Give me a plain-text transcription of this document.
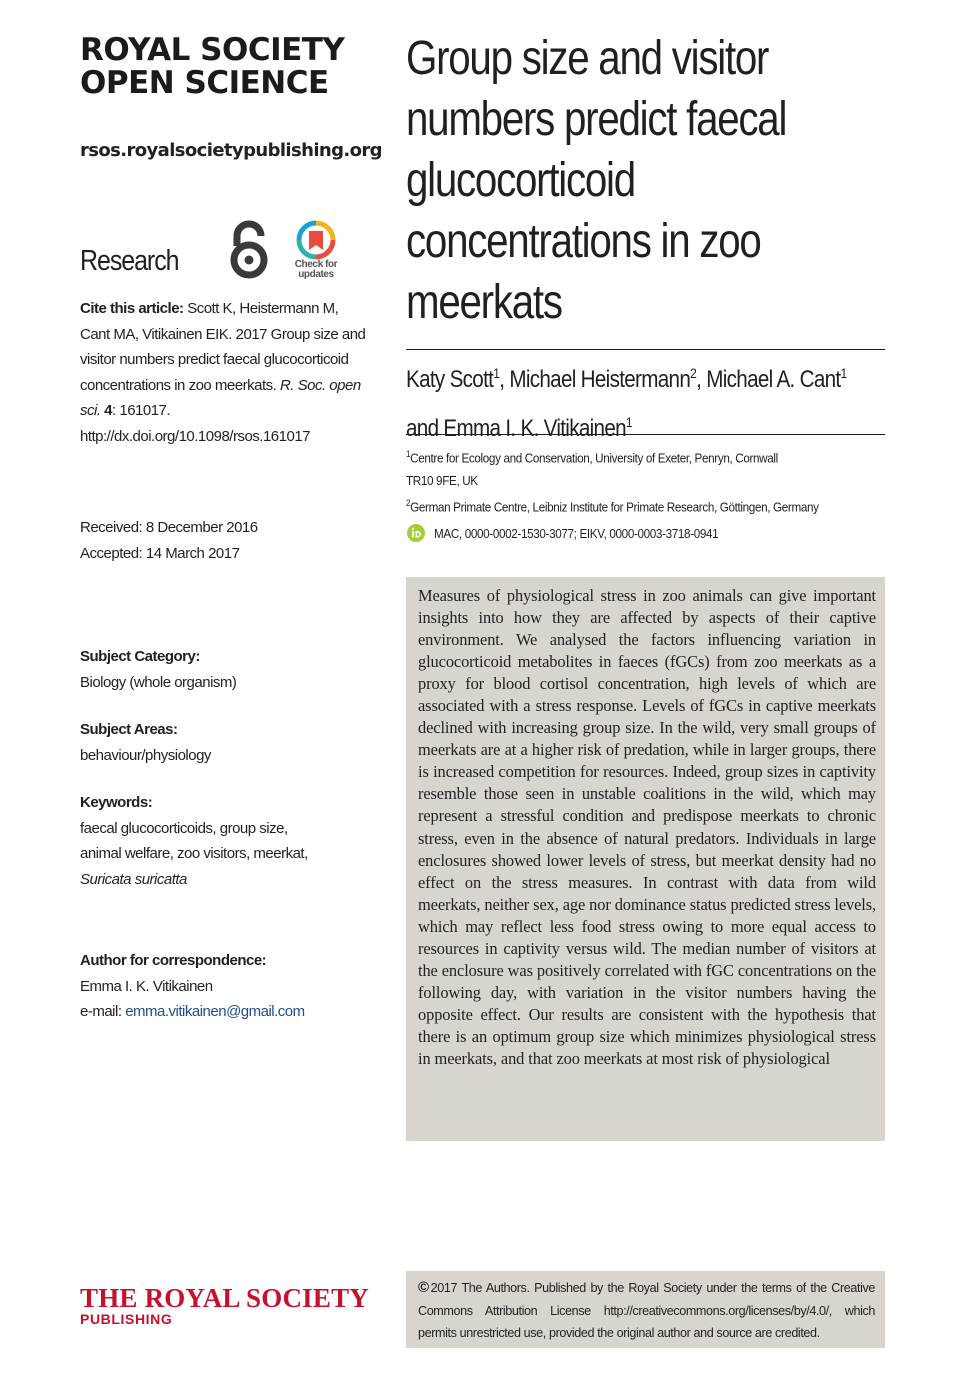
ROYAL SOCIETY
OPEN SCIENCE
rsos.royalsocietypublishing.org
Research	Check for updates
Cite this article: Scott K, Heistermann M, Cant MA, Vitikainen EIK. 2017 Group size and visitor numbers predict faecal glucocorticoid concentrations in zoo meerkats. R. Soc. open sci. 4: 161017.
http://dx.doi.org/10.1098/rsos.161017
Received: 8 December 2016
Accepted: 14 March 2017
Subject Category:
Biology (whole organism)
Subject Areas:
behaviour/physiology
Keywords:
faecal glucocorticoids, group size,
animal welfare, zoo visitors, meerkat,
Suricata suricatta
Author for correspondence:
Emma I. K. Vitikainen
e-mail: emma.vitikainen@gmail.com
THE ROYAL SOCIETY
PUBLISHING
Group size and visitor
numbers predict faecal
glucocorticoid
concentrations in zoo
meerkats
Katy Scott$^1$, Michael Heistermann$^2$, Michael A. Cant$^1$
and Emma I. K. Vitikainen$^1$
$^1$Centre for Ecology and Conservation, University of Exeter, Penryn, Cornwall
TR10 9FE, UK
$^2$German Primate Centre, Leibniz Institute for Primate Research, Göttingen, Germany
MAC, 0000-0002-1530-3077; EIKV, 0000-0003-3718-0941

Measures of physiological stress in zoo animals can give important insights into how they are affected by aspects of their captive environment. We analysed the factors influencing variation in glucocorticoid metabolites in faeces (fGCs) from zoo meerkats as a proxy for blood cortisol concentration, high levels of which are associated with a stress response. Levels of fGCs in captive meerkats declined with increasing group size. In the wild, very small groups of meerkats are at a higher risk of predation, while in larger groups, there is increased competition for resources. Indeed, group sizes in captivity resemble those seen in unstable coalitions in the wild, which may represent a stressful condition and predispose meerkats to chronic stress, even in the absence of natural predators. Individuals in large enclosures showed lower levels of stress, but meerkat density had no effect on the stress measures. In contrast with data from wild meerkats, neither sex, age nor dominance status predicted stress levels, which may reflect less food stress owing to more equal access to resources in captivity versus wild. The median number of visitors at the enclosure was positively correlated with fGC concentrations on the following day, with variation in the visitor numbers having the opposite effect. Our results are consistent with the hypothesis that there is an optimum group size which minimizes physiological stress in meerkats, and that zoo meerkats at most risk of physiological

© 2017 The Authors. Published by the Royal Society under the terms of the Creative Commons Attribution License http://creativecommons.org/licenses/by/4.0/, which permits unrestricted use, provided the original author and source are credited.
